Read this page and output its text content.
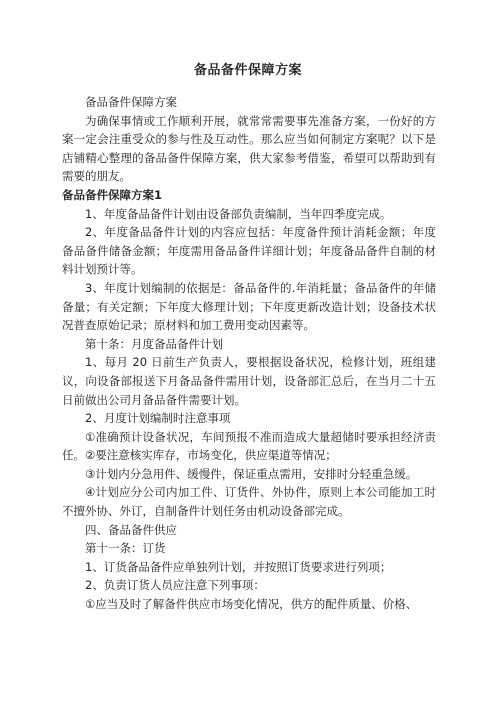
备品备件保障方案

备品备件保障方案

为确保事情或工作顺利开展，就常常需要事先准备方案，一份好的方案一定会注重受众的参与性及互动性。那么应当如何制定方案呢？以下是店铺精心整理的备品备件保障方案，供大家参考借鉴，希望可以帮助到有需要的朋友。

备品备件保障方案1

1、年度备品备件计划由设备部负责编制，当年四季度完成。

2、年度备品备件计划的内容应包括：年度备件预计消耗金额；年度备品备件储备金额；年度需用备品备件详细计划；年度备品备件自制的材料计划预计等。

3、年度计划编制的依据是：备品备件的.年消耗量；备品备件的年储备量；有关定额；下年度大修理计划；下年度更新改造计划；设备技术状况普查原始记录；原材料和加工费用变动因素等。

第十条：月度备品备件计划

1、每月 20 日前生产负责人，要根据设备状况，检修计划，班组建议，向设备部报送下月备品备件需用计划，设备部汇总后，在当月二十五日前做出公司月备品备件需要计划。

2、月度计划编制时注意事项

①准确预计设备状况，车间预报不准而造成大量超储时要承担经济责任。②要注意核实库存，市场变化，供应渠道等情况；

③计划内分急用件、缓慢件，保证重点需用，安排时分轻重急缓。

④计划应分公司内加工件、订货件、外协件，原则上本公司能加工时不擅外协、外订，自制备件计划任务由机动设备部完成。

四、备品备件供应

第十一条：订货

1、订货备品备件应单独列计划，并按照订货要求进行列项；

2、负责订货人员应注意下列事项：

①应当及时了解备件供应市场变化情况，供方的配件质量、价格、
